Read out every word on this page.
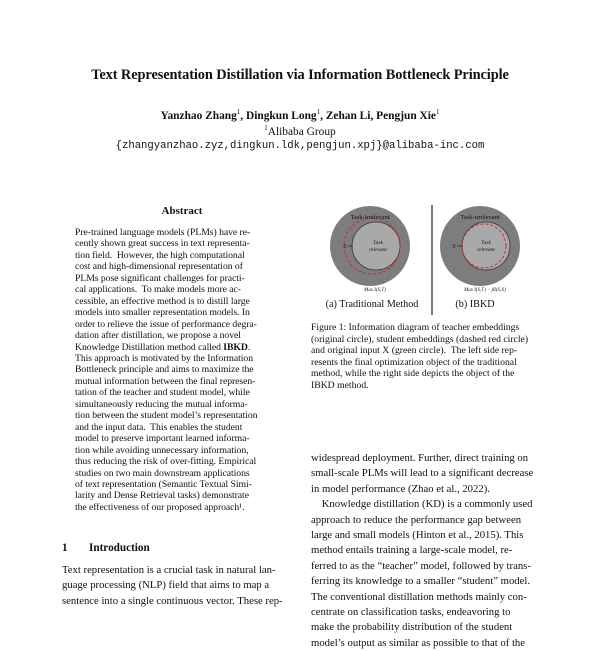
Text Representation Distillation via Information Bottleneck Principle
Yanzhao Zhang$^1$, Dingkun Long$^1$, Zehan Li, Pengjun Xie$^1$
$^1$Alibaba Group
{zhangyanzhao.zyz,dingkun.ldk,pengjun.xpj}@alibaba-inc.com
Abstract
Pre-trained language models (PLMs) have re-
cently shown great success in text representa-
tion field.  However, the high computational
cost and high-dimensional representation of
PLMs pose significant challenges for practi-
cal applications.  To make models more ac-
cessible, an effective method is to distill large
models into smaller representation models. In
order to relieve the issue of performance degra-
dation after distillation, we propose a novel
Knowledge Distillation method called IBKD.
This approach is motivated by the Information
Bottleneck principle and aims to maximize the
mutual information between the final represen-
tation of the teacher and student model, while
simultaneously reducing the mutual informa-
tion between the student model’s representation
and the input data.  This enables the student
model to preserve important learned informa-
tion while avoiding unnecessary information,
thus reducing the risk of over-fitting. Empirical
studies on two main downstream applications
of text representation (Semantic Textual Simi-
larity and Dense Retrieval tasks) demonstrate
the effectiveness of our proposed approach¹.
1 Introduction
Text representation is a crucial task in natural lan-
guage processing (NLP) field that aims to map a
sentence into a single continuous vector. These rep-
Task-irrelevant
Task
relevant
S
Max I(S,T)
Task-irrelevant
Task
relevant
S
Max I(S,T) − βI(S,X)
(a) Traditional Method	(b) IBKD
Figure 1: Information diagram of teacher embeddings
(original circle), student embeddings (dashed red circle)
and original input X (green circle).  The left side rep-
resents the final optimization object of the traditional
method, while the right side depicts the object of the
IBKD method.
widespread deployment. Further, direct training on
small-scale PLMs will lead to a significant decrease
in model performance (Zhao et al., 2022).
Knowledge distillation (KD) is a commonly used
approach to reduce the performance gap between
large and small models (Hinton et al., 2015). This
method entails training a large-scale model, re-
ferred to as the “teacher” model, followed by trans-
ferring its knowledge to a smaller “student” model.
The conventional distillation methods mainly con-
centrate on classification tasks, endeavoring to
make the probability distribution of the student
model’s output as similar as possible to that of the
